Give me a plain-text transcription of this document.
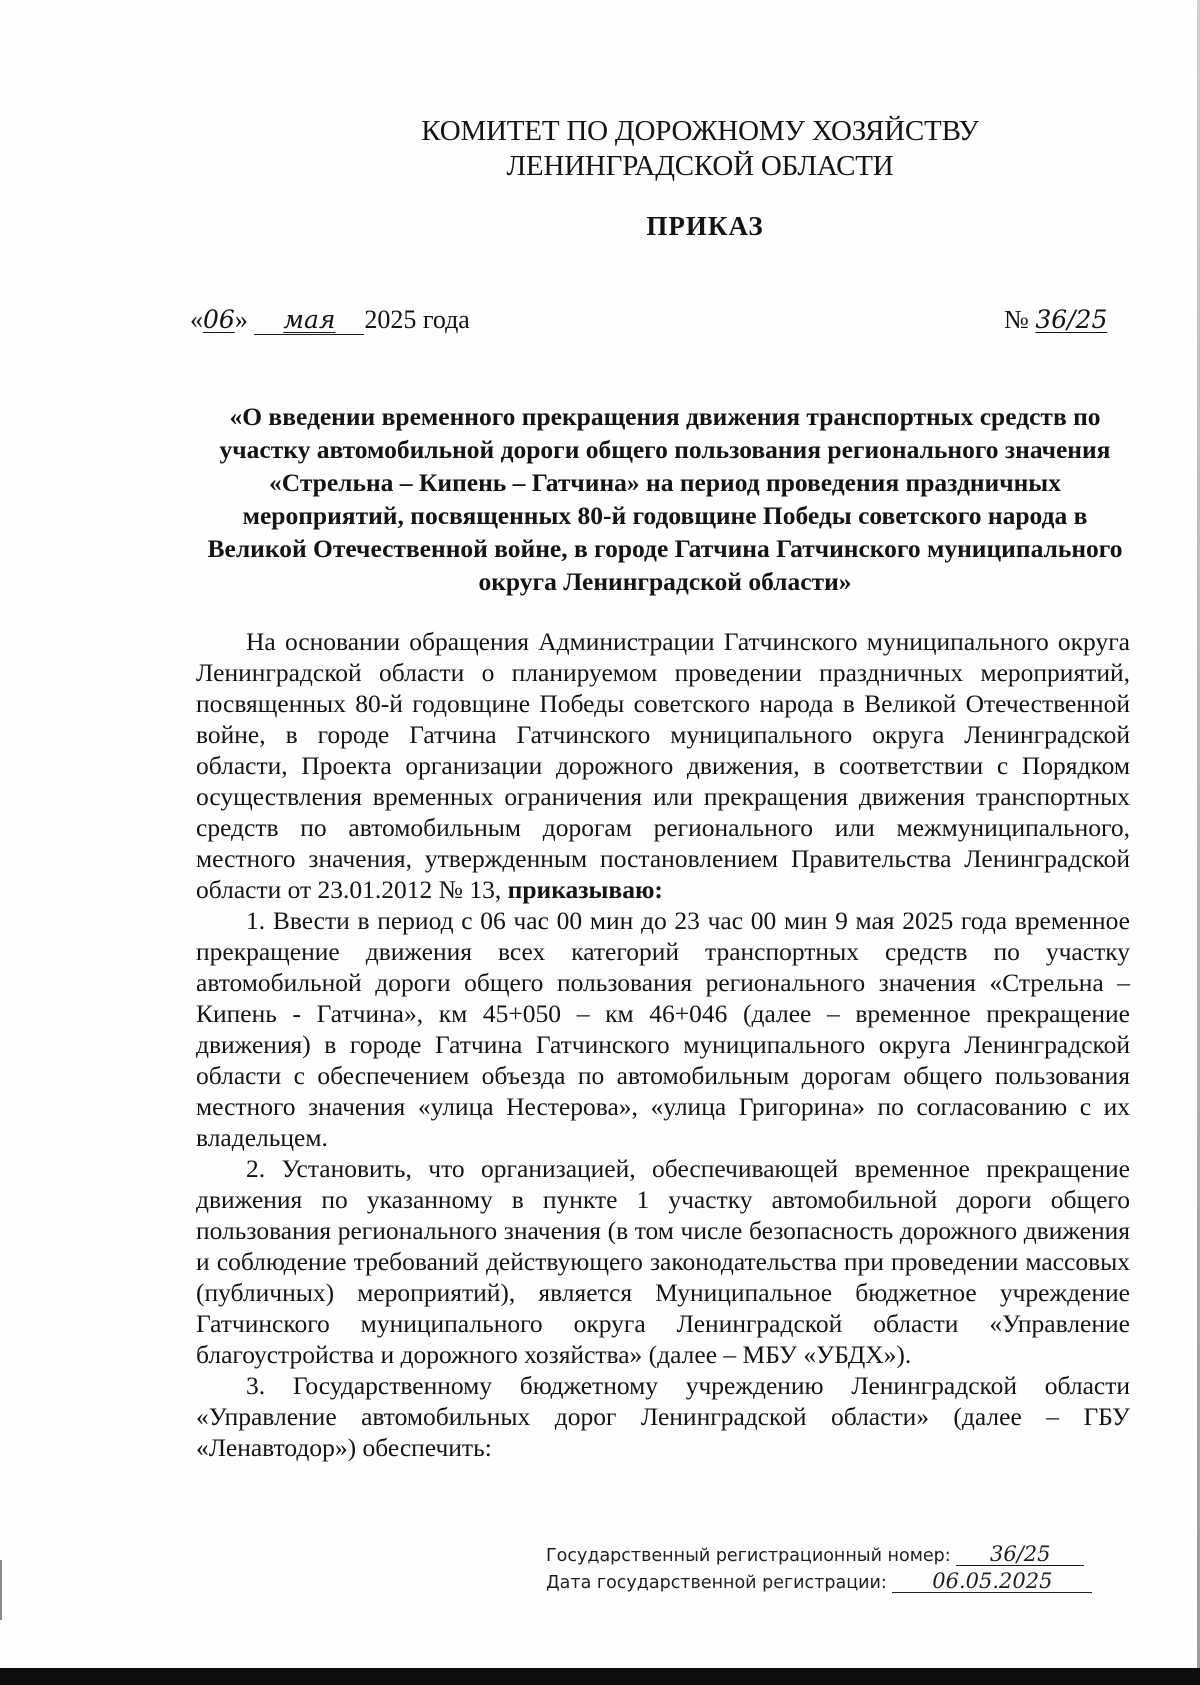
КОМИТЕТ ПО ДОРОЖНОМУ ХОЗЯЙСТВУ
ЛЕНИНГРАДСКОЙ ОБЛАСТИ
ПРИКАЗ
«06» мая 2025 года	№ 36/25
«О введении временного прекращения движения транспортных средств по участку автомобильной дороги общего пользования регионального значения «Стрельна – Кипень – Гатчина» на период проведения праздничных мероприятий, посвященных 80-й годовщине Победы советского народа в Великой Отечественной войне, в городе Гатчина Гатчинского муниципального округа Ленинградской области»

На основании обращения Администрации Гатчинского муниципального округа Ленинградской области о планируемом проведении праздничных мероприятий, посвященных 80-й годовщине Победы советского народа в Великой Отечественной войне, в городе Гатчина Гатчинского муниципального округа Ленинградской области, Проекта организации дорожного движения, в соответствии с Порядком осуществления временных ограничения или прекращения движения транспортных средств по автомобильным дорогам регионального или межмуниципального, местного значения, утвержденным постановлением Правительства Ленинградской области от 23.01.2012 № 13, приказываю:

1. Ввести в период с 06 час 00 мин до 23 час 00 мин 9 мая 2025 года временное прекращение движения всех категорий транспортных средств по участку автомобильной дороги общего пользования регионального значения «Стрельна – Кипень - Гатчина», км 45+050 – км 46+046 (далее – временное прекращение движения) в городе Гатчина Гатчинского муниципального округа Ленинградской области с обеспечением объезда по автомобильным дорогам общего пользования местного значения «улица Нестерова», «улица Григорина» по согласованию с их владельцем.

2. Установить, что организацией, обеспечивающей временное прекращение движения по указанному в пункте 1 участку автомобильной дороги общего пользования регионального значения (в том числе безопасность дорожного движения и соблюдение требований действующего законодательства при проведении массовых (публичных) мероприятий), является Муниципальное бюджетное учреждение Гатчинского муниципального округа Ленинградской области «Управление благоустройства и дорожного хозяйства» (далее – МБУ «УБДХ»).

3. Государственному бюджетному учреждению Ленинградской области «Управление автомобильных дорог Ленинградской области» (далее – ГБУ «Ленавтодор») обеспечить:

Государственный регистрационный номер: 36/25
Дата государственной регистрации: 06.05.2025
